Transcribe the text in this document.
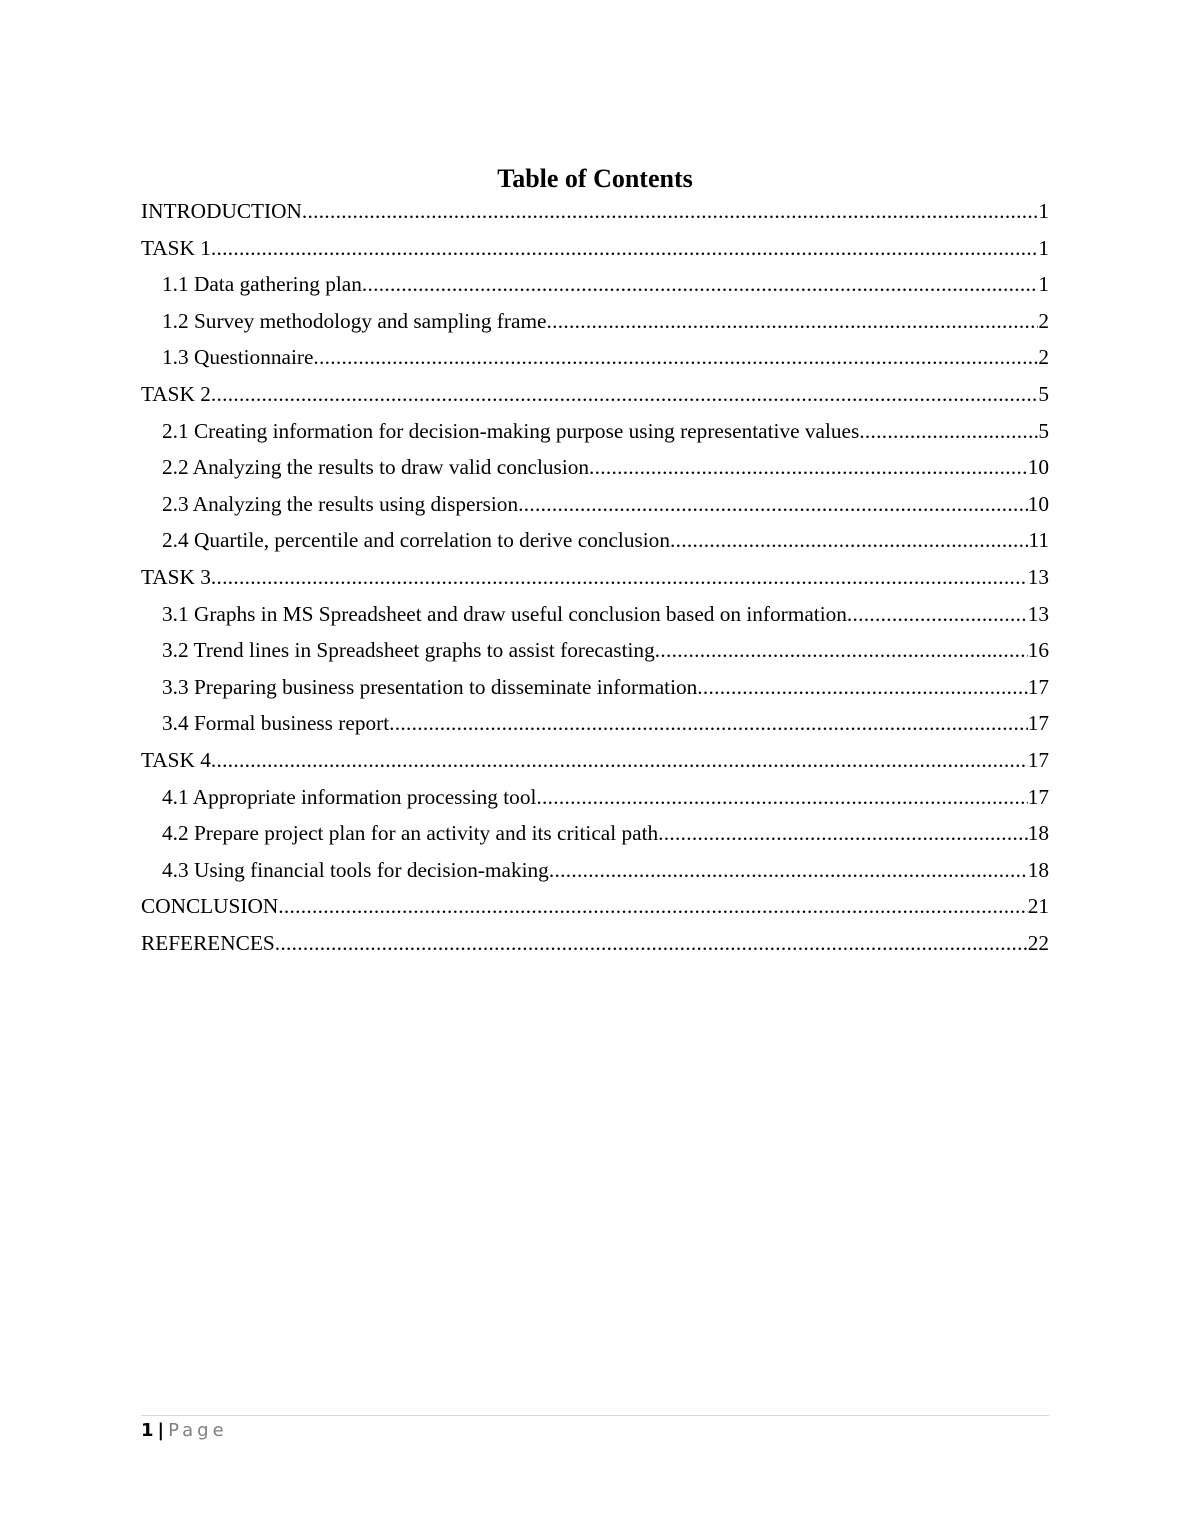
Table of Contents
INTRODUCTION .....	1
TASK 1 .....	1
1.1 Data gathering plan .....	1
1.2 Survey methodology and sampling frame .....	2
1.3 Questionnaire .....	2
TASK 2 .....	5
2.1 Creating information for decision-making purpose using representative values .....	5
2.2 Analyzing the results to draw valid conclusion .....	10
2.3 Analyzing the results using dispersion .....	10
2.4 Quartile, percentile and correlation to derive conclusion .....	11
TASK 3 .....	13
3.1 Graphs in MS Spreadsheet and draw useful conclusion based on information .....	13
3.2 Trend lines in Spreadsheet graphs to assist forecasting .....	16
3.3 Preparing business presentation to disseminate information .....	17
3.4 Formal business report .....	17
TASK 4 .....	17
4.1 Appropriate information processing tool .....	17
4.2 Prepare project plan for an activity and its critical path .....	18
4.3 Using financial tools for decision-making .....	18
CONCLUSION .....	21
REFERENCES .....	22
1 | Page
